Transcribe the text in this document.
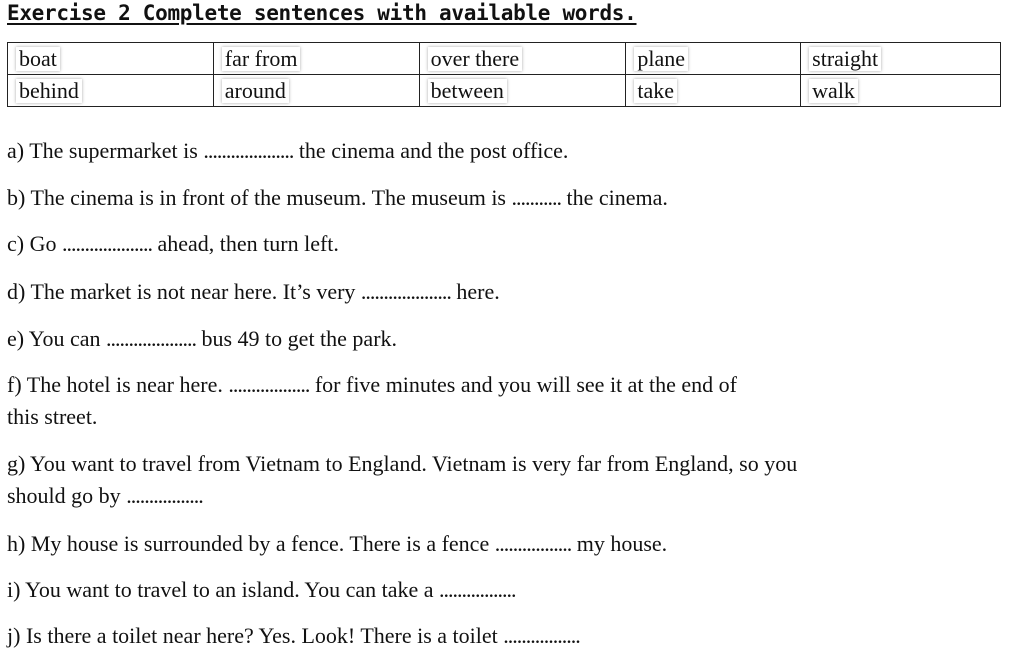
Exercise 2 Complete sentences with available words.
boat	far from	over there	plane	straight
behind	around	between	take	walk
a) The supermarket is .................... the cinema and the post office.
b) The cinema is in front of the museum. The museum is ........... the cinema.
c) Go .................... ahead, then turn left.
d) The market is not near here. It’s very .................... here.
e) You can .................... bus 49 to get the park.
f) The hotel is near here. .................. for five minutes and you will see it at the end of
this street.
g) You want to travel from Vietnam to England. Vietnam is very far from England, so you
should go by .................
h) My house is surrounded by a fence. There is a fence ................. my house.
i) You want to travel to an island. You can take a .................
j) Is there a toilet near here? Yes. Look! There is a toilet .................
